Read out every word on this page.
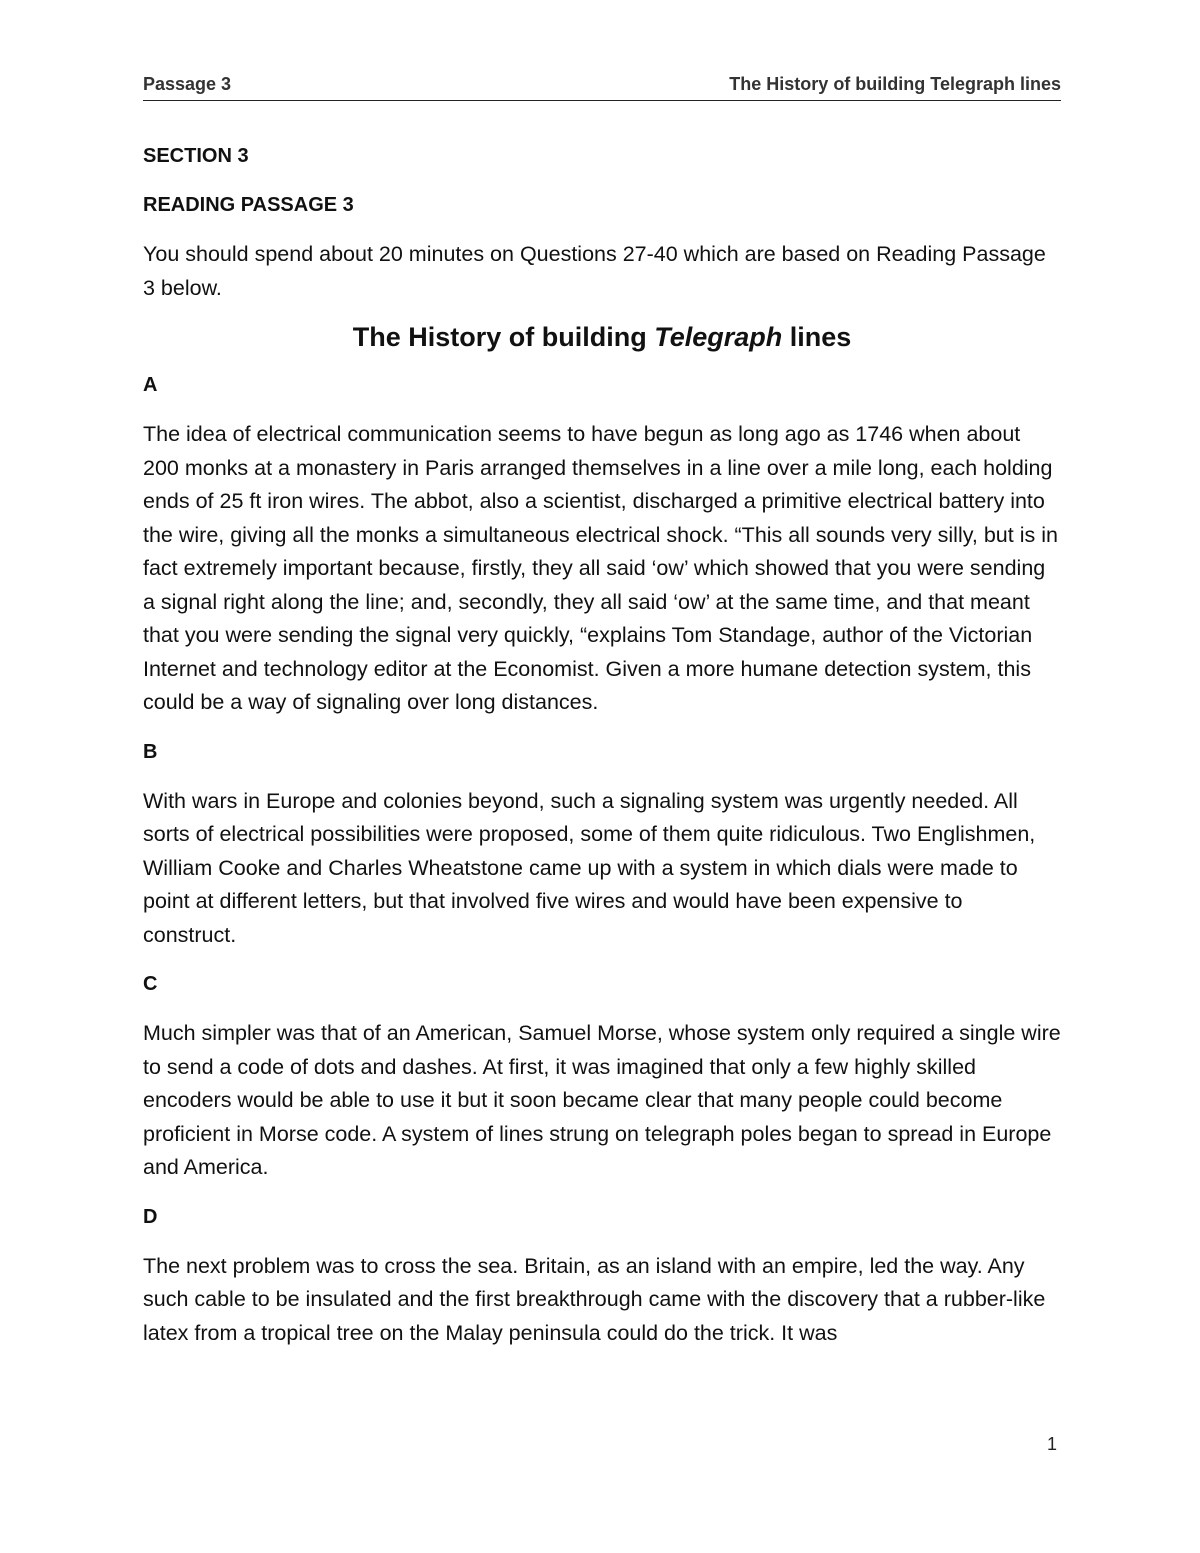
Passage 3	The History of building Telegraph lines
SECTION 3
READING PASSAGE 3
You should spend about 20 minutes on Questions 27-40 which are based on Reading Passage 3 below.
The History of building Telegraph lines
A
The idea of electrical communication seems to have begun as long ago as 1746 when about 200 monks at a monastery in Paris arranged themselves in a line over a mile long, each holding ends of 25 ft iron wires. The abbot, also a scientist, discharged a primitive electrical battery into the wire, giving all the monks a simultaneous electrical shock. “This all sounds very silly, but is in fact extremely important because, firstly, they all said ‘ow’ which showed that you were sending a signal right along the line; and, secondly, they all said ‘ow’ at the same time, and that meant that you were sending the signal very quickly, “explains Tom Standage, author of the Victorian Internet and technology editor at the Economist. Given a more humane detection system, this could be a way of signaling over long distances.
B
With wars in Europe and colonies beyond, such a signaling system was urgently needed. All sorts of electrical possibilities were proposed, some of them quite ridiculous. Two Englishmen, William Cooke and Charles Wheatstone came up with a system in which dials were made to point at different letters, but that involved five wires and would have been expensive to construct.
C
Much simpler was that of an American, Samuel Morse, whose system only required a single wire to send a code of dots and dashes. At first, it was imagined that only a few highly skilled encoders would be able to use it but it soon became clear that many people could become proficient in Morse code. A system of lines strung on telegraph poles began to spread in Europe and America.
D
The next problem was to cross the sea. Britain, as an island with an empire, led the way. Any such cable to be insulated and the first breakthrough came with the discovery that a rubber-like latex from a tropical tree on the Malay peninsula could do the trick. It was
1
